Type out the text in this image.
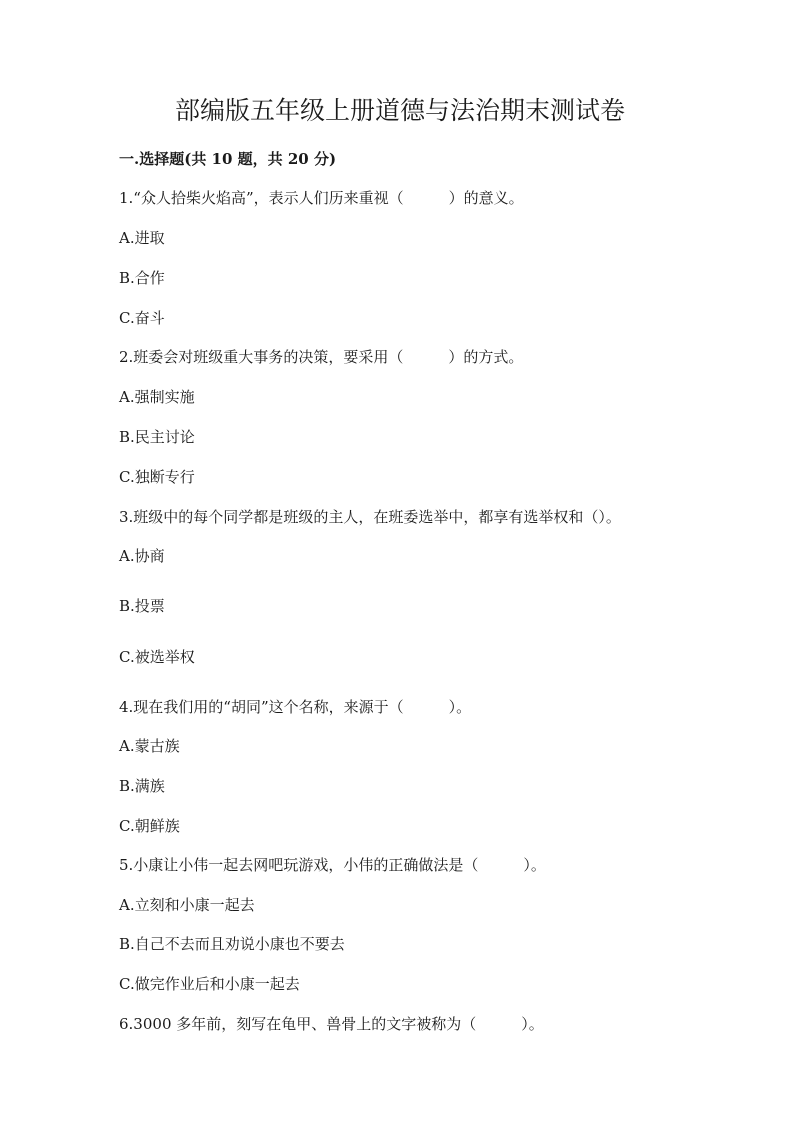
部编版五年级上册道德与法治期末测试卷
一.选择题(共 10 题，共 20 分)
1.“众人拾柴火焰高”，表示人们历来重视（　　　）的意义。
A.进取
B.合作
C.奋斗
2.班委会对班级重大事务的决策，要采用（　　　）的方式。
A.强制实施
B.民主讨论
C.独断专行
3.班级中的每个同学都是班级的主人，在班委选举中，都享有选举权和（）。
A.协商
B.投票
C.被选举权
4.现在我们用的“胡同”这个名称，来源于（　　　）。
A.蒙古族
B.满族
C.朝鲜族
5.小康让小伟一起去网吧玩游戏，小伟的正确做法是（　　　）。
A.立刻和小康一起去
B.自己不去而且劝说小康也不要去
C.做完作业后和小康一起去
6.3000 多年前，刻写在龟甲、兽骨上的文字被称为（　　　）。
